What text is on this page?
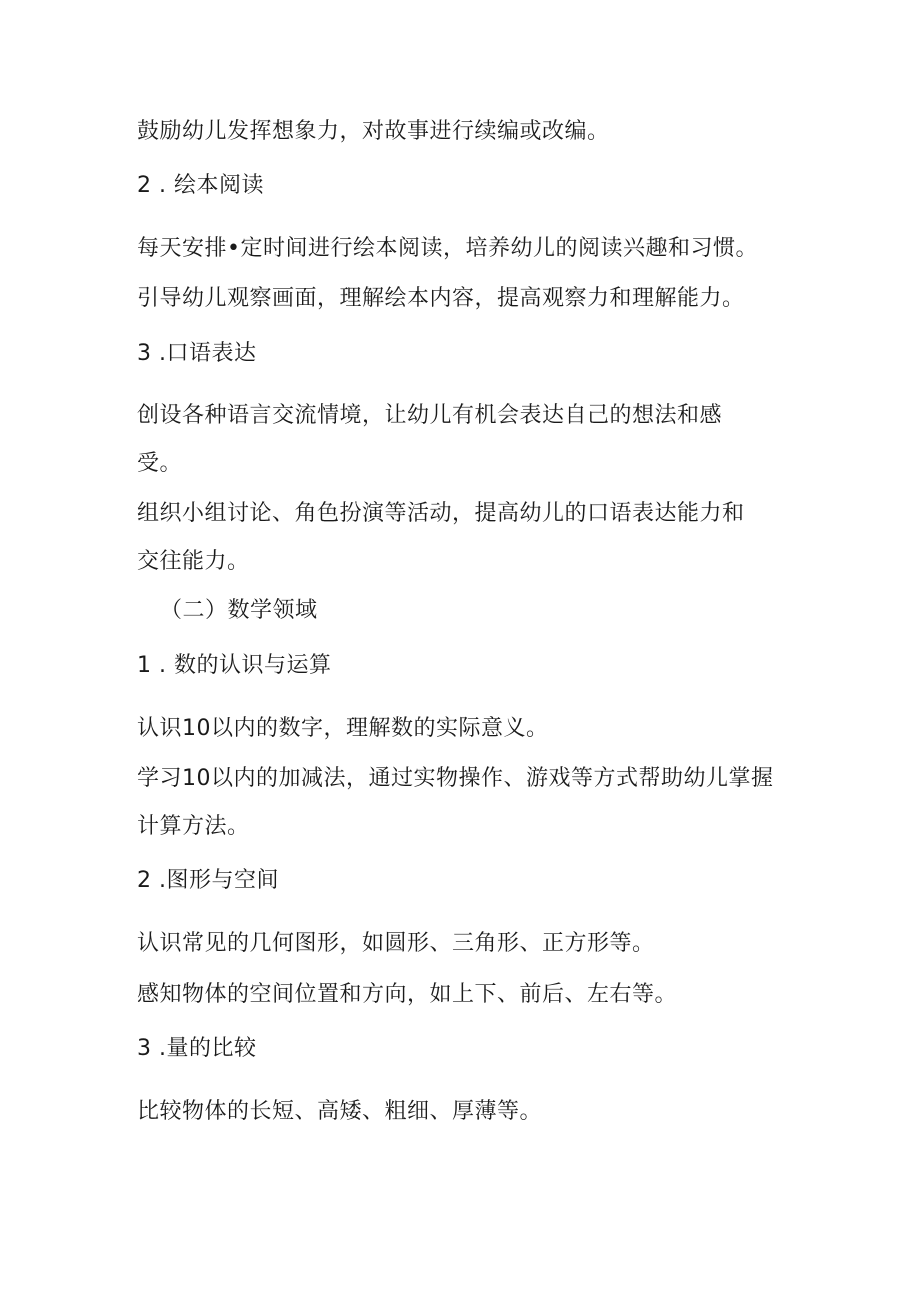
鼓励幼儿发挥想象力，对故事进行续编或改编。
2 . 绘本阅读
每天安排•定时间进行绘本阅读，培养幼儿的阅读兴趣和习惯。
引导幼儿观察画面，理解绘本内容，提高观察力和理解能力。
3 .口语表达
创设各种语言交流情境，让幼儿有机会表达自己的想法和感
受。
组织小组讨论、角色扮演等活动，提高幼儿的口语表达能力和
交往能力。
（二）数学领域
1 . 数的认识与运算
认识10以内的数字，理解数的实际意义。
学习10以内的加减法，通过实物操作、游戏等方式帮助幼儿掌握
计算方法。
2 .图形与空间
认识常见的几何图形，如圆形、三角形、正方形等。
感知物体的空间位置和方向，如上下、前后、左右等。
3 .量的比较
比较物体的长短、高矮、粗细、厚薄等。
